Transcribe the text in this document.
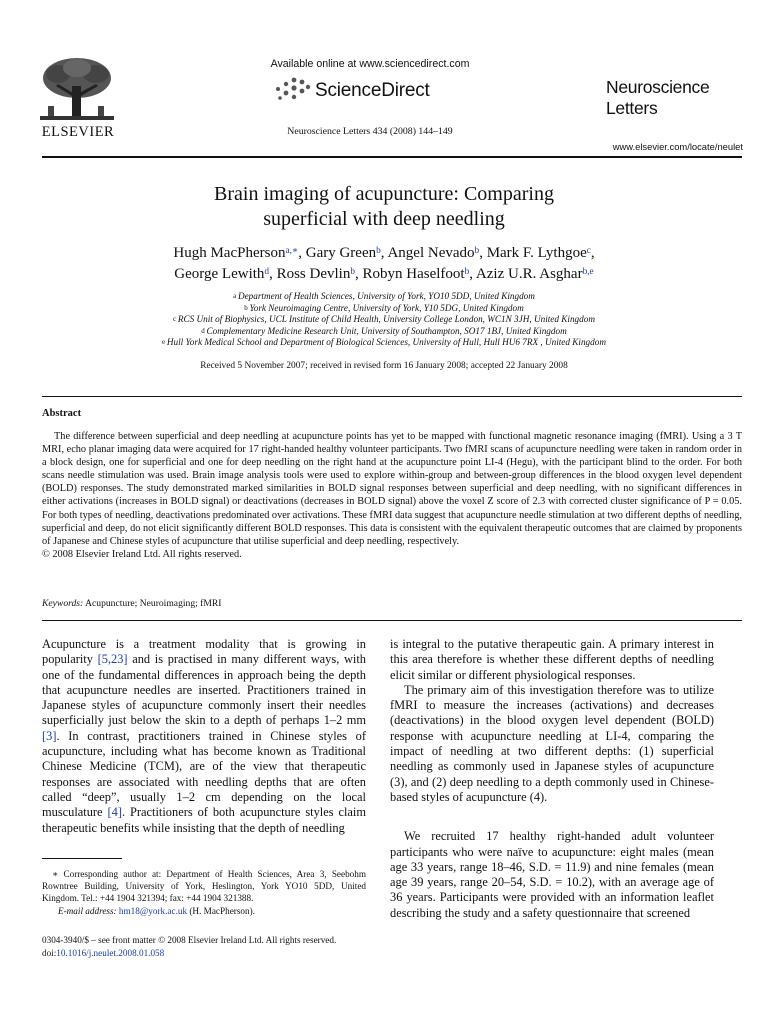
ELSEVIER
Available online at www.sciencedirect.com
ScienceDirect
Neuroscience Letters 434 (2008) 144–149
Neuroscience
Letters
www.elsevier.com/locate/neulet
Brain imaging of acupuncture: Comparing
superficial with deep needling
Hugh MacPherson$^{a,∗}$, Gary Green$^b$, Angel Nevado$^b$, Mark F. Lythgoe$^c$,
George Lewith$^d$, Ross Devlin$^b$, Robyn Haselfoot$^b$, Aziz U.R. Asghar$^{b,e}$
$^a$ Department of Health Sciences, University of York, YO10 5DD, United Kingdom
$^b$ York Neuroimaging Centre, University of York, Y10 5DG, United Kingdom
$^c$ RCS Unit of Biophysics, UCL Institute of Child Health, University College London, WC1N 3JH, United Kingdom
$^d$ Complementary Medicine Research Unit, University of Southampton, SO17 1BJ, United Kingdom
$^e$ Hull York Medical School and Department of Biological Sciences, University of Hull, Hull HU6 7RX , United Kingdom
Received 5 November 2007; received in revised form 16 January 2008; accepted 22 January 2008
Abstract

The difference between superficial and deep needling at acupuncture points has yet to be mapped with functional magnetic resonance imaging (fMRI). Using a 3 T MRI, echo planar imaging data were acquired for 17 right-handed healthy volunteer participants. Two fMRI scans of acupuncture needling were taken in random order in a block design, one for superficial and one for deep needling on the right hand at the acupuncture point LI-4 (Hegu), with the participant blind to the order. For both scans needle stimulation was used. Brain image analysis tools were used to explore within-group and between-group differences in the blood oxygen level dependent (BOLD) responses. The study demonstrated marked similarities in BOLD signal responses between superficial and deep needling, with no significant differences in either activations (increases in BOLD signal) or deactivations (decreases in BOLD signal) above the voxel Z score of 2.3 with corrected cluster significance of P = 0.05. For both types of needling, deactivations predominated over activations. These fMRI data suggest that acupuncture needle stimulation at two different depths of needling, superficial and deep, do not elicit significantly different BOLD responses. This data is consistent with the equivalent therapeutic outcomes that are claimed by proponents of Japanese and Chinese styles of acupuncture that utilise superficial and deep needling, respectively.

© 2008 Elsevier Ireland Ltd. All rights reserved.
Keywords: Acupuncture; Neuroimaging; fMRI

Acupuncture is a treatment modality that is growing in popularity [5,23] and is practised in many different ways, with one of the fundamental differences in approach being the depth that acupuncture needles are inserted. Practitioners trained in Japanese styles of acupuncture commonly insert their needles superficially just below the skin to a depth of perhaps 1–2 mm [3]. In contrast, practitioners trained in Chinese styles of acupuncture, including what has become known as Traditional Chinese Medicine (TCM), are of the view that therapeutic responses are associated with needling depths that are often called “deep”, usually 1–2 cm depending on the local musculature [4]. Practitioners of both acupuncture styles claim therapeutic benefits while insisting that the depth of needling

∗ Corresponding author at: Department of Health Sciences, Area 3, Seebohm Rowntree Building, University of York, Heslington, York YO10 5DD, United Kingdom. Tel.: +44 1904 321394; fax: +44 1904 321388.
E-mail address: hm18@york.ac.uk (H. MacPherson).
0304-3940/$ – see front matter © 2008 Elsevier Ireland Ltd. All rights reserved.
doi:10.1016/j.neulet.2008.01.058

is integral to the putative therapeutic gain. A primary interest in this area therefore is whether these different depths of needling elicit similar or different physiological responses.

The primary aim of this investigation therefore was to utilize fMRI to measure the increases (activations) and decreases (deactivations) in the blood oxygen level dependent (BOLD) response with acupuncture needling at LI-4, comparing the impact of needling at two different depths: (1) superficial needling as commonly used in Japanese styles of acupuncture (3), and (2) deep needling to a depth commonly used in Chinese-based styles of acupuncture (4).

We recruited 17 healthy right-handed adult volunteer participants who were naïve to acupuncture: eight males (mean age 33 years, range 18–46, S.D. = 11.9) and nine females (mean age 39 years, range 20–54, S.D. = 10.2), with an average age of 36 years. Participants were provided with an information leaflet describing the study and a safety questionnaire that screened
